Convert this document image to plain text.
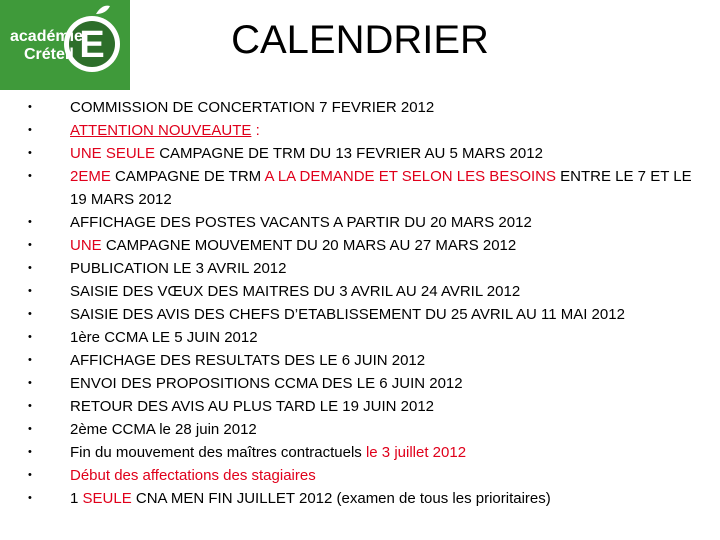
E
académie
Créteil	CALENDRIER
•	COMMISSION DE CONCERTATION 7 FEVRIER 2012
•	ATTENTION NOUVEAUTE :
•	UNE SEULE CAMPAGNE DE TRM DU 13 FEVRIER AU 5 MARS 2012
•	2EME CAMPAGNE DE TRM A LA DEMANDE ET SELON LES BESOINS ENTRE LE 7 ET LE 19 MARS 2012
•	AFFICHAGE DES POSTES VACANTS A PARTIR DU 20 MARS 2012
•	UNE CAMPAGNE MOUVEMENT DU 20 MARS AU 27 MARS 2012
•	PUBLICATION LE 3 AVRIL 2012
•	SAISIE DES VŒUX DES MAITRES DU 3 AVRIL AU 24 AVRIL 2012
•	SAISIE DES AVIS DES CHEFS D’ETABLISSEMENT DU 25 AVRIL AU 11 MAI 2012
•	1ère CCMA LE 5 JUIN 2012
•	AFFICHAGE DES RESULTATS DES LE 6 JUIN 2012
•	ENVOI DES PROPOSITIONS CCMA DES LE 6 JUIN 2012
•	RETOUR DES AVIS AU PLUS TARD LE 19 JUIN 2012
•	2ème CCMA le 28 juin 2012
•	Fin du mouvement des maîtres contractuels le 3 juillet 2012
•	Début des affectations des stagiaires
•	1 SEULE CNA MEN FIN JUILLET 2012 (examen de tous les prioritaires)
